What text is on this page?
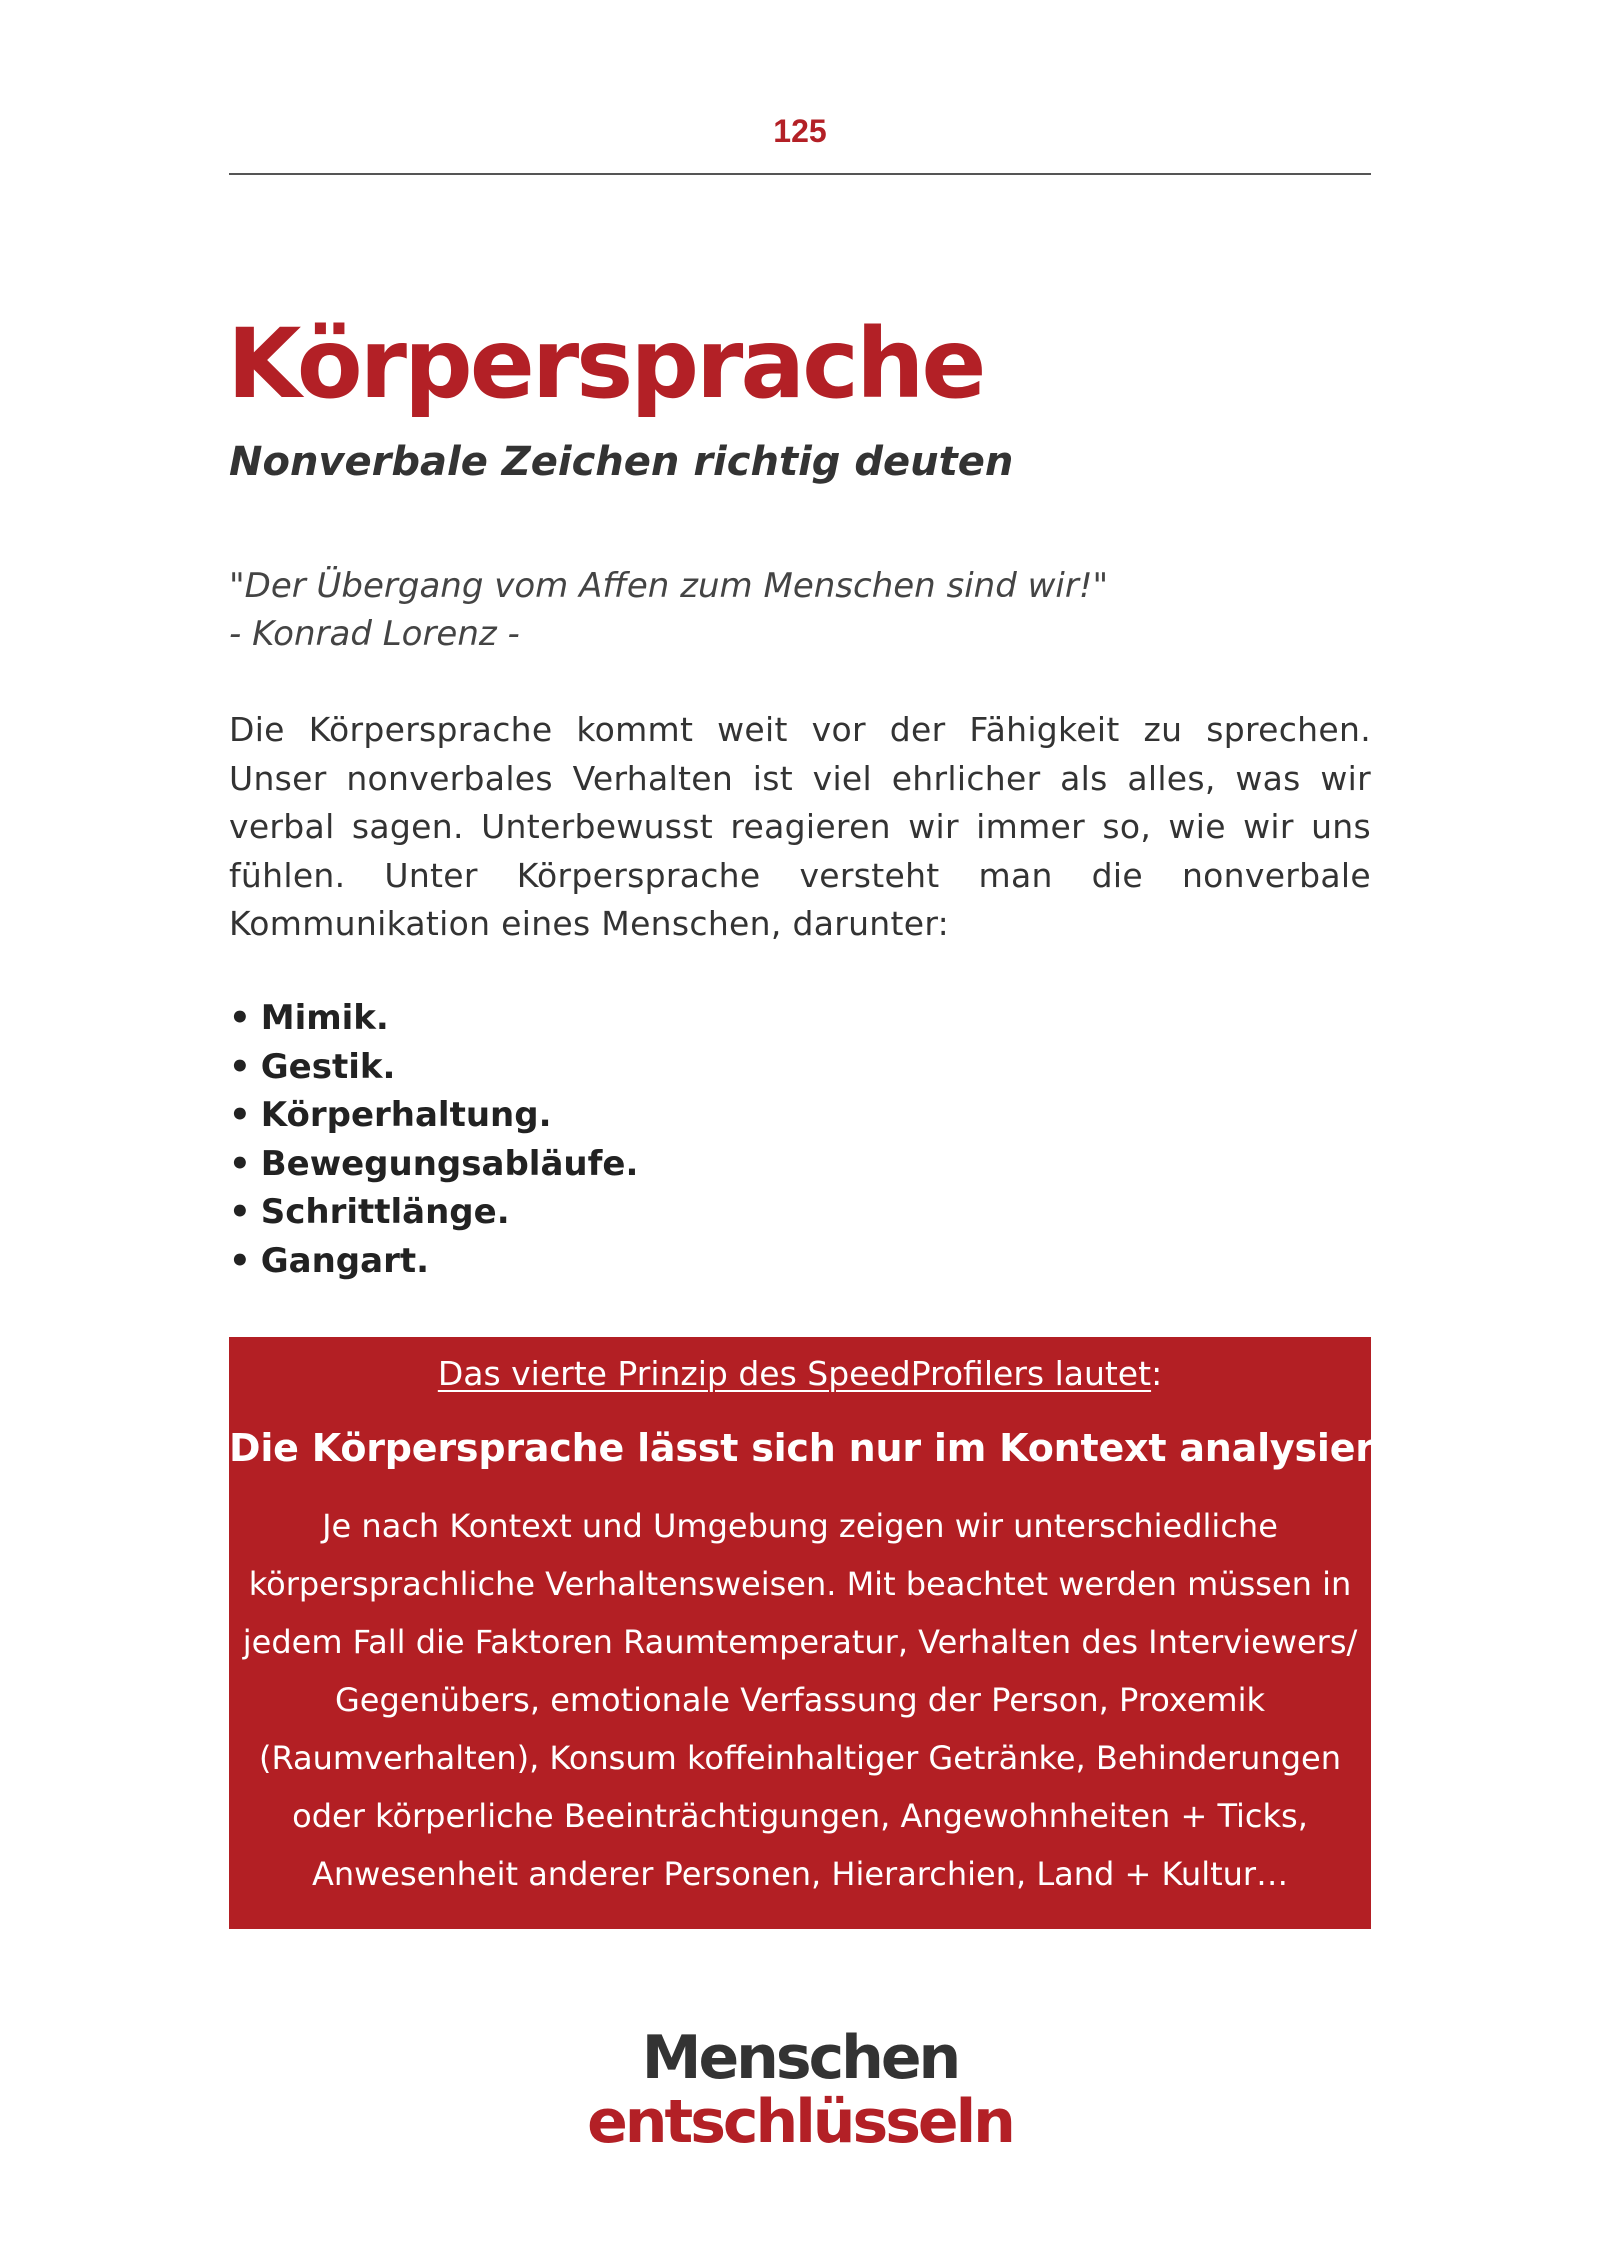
125
Körpersprache
Nonverbale Zeichen richtig deuten
"Der Übergang vom Affen zum Menschen sind wir!"
- Konrad Lorenz -

Die Körpersprache kommt weit vor der Fähigkeit zu sprechen. Unser nonverbales Verhalten ist viel ehrlicher als alles, was wir verbal sagen. Unterbewusst reagieren wir immer so, wie wir uns fühlen. Unter Körpersprache versteht man die nonverbale Kommunikation eines Menschen, darunter:

• Mimik.
• Gestik.
• Körperhaltung.
• Bewegungsabläufe.
• Schrittlänge.
• Gangart.
Das vierte Prinzip des SpeedProfilers lautet:
Die Körpersprache lässt sich nur im Kontext analysieren!
Je nach Kontext und Umgebung zeigen wir unterschiedliche
körpersprachliche Verhaltensweisen. Mit beachtet werden müssen in
jedem Fall die Faktoren Raumtemperatur, Verhalten des Interviewers/
Gegenübers, emotionale Verfassung der Person, Proxemik
(Raumverhalten), Konsum koffeinhaltiger Getränke, Behinderungen
oder körperliche Beeinträchtigungen, Angewohnheiten + Ticks,
Anwesenheit anderer Personen, Hierarchien, Land + Kultur…
Menschen
entschlüsseln
